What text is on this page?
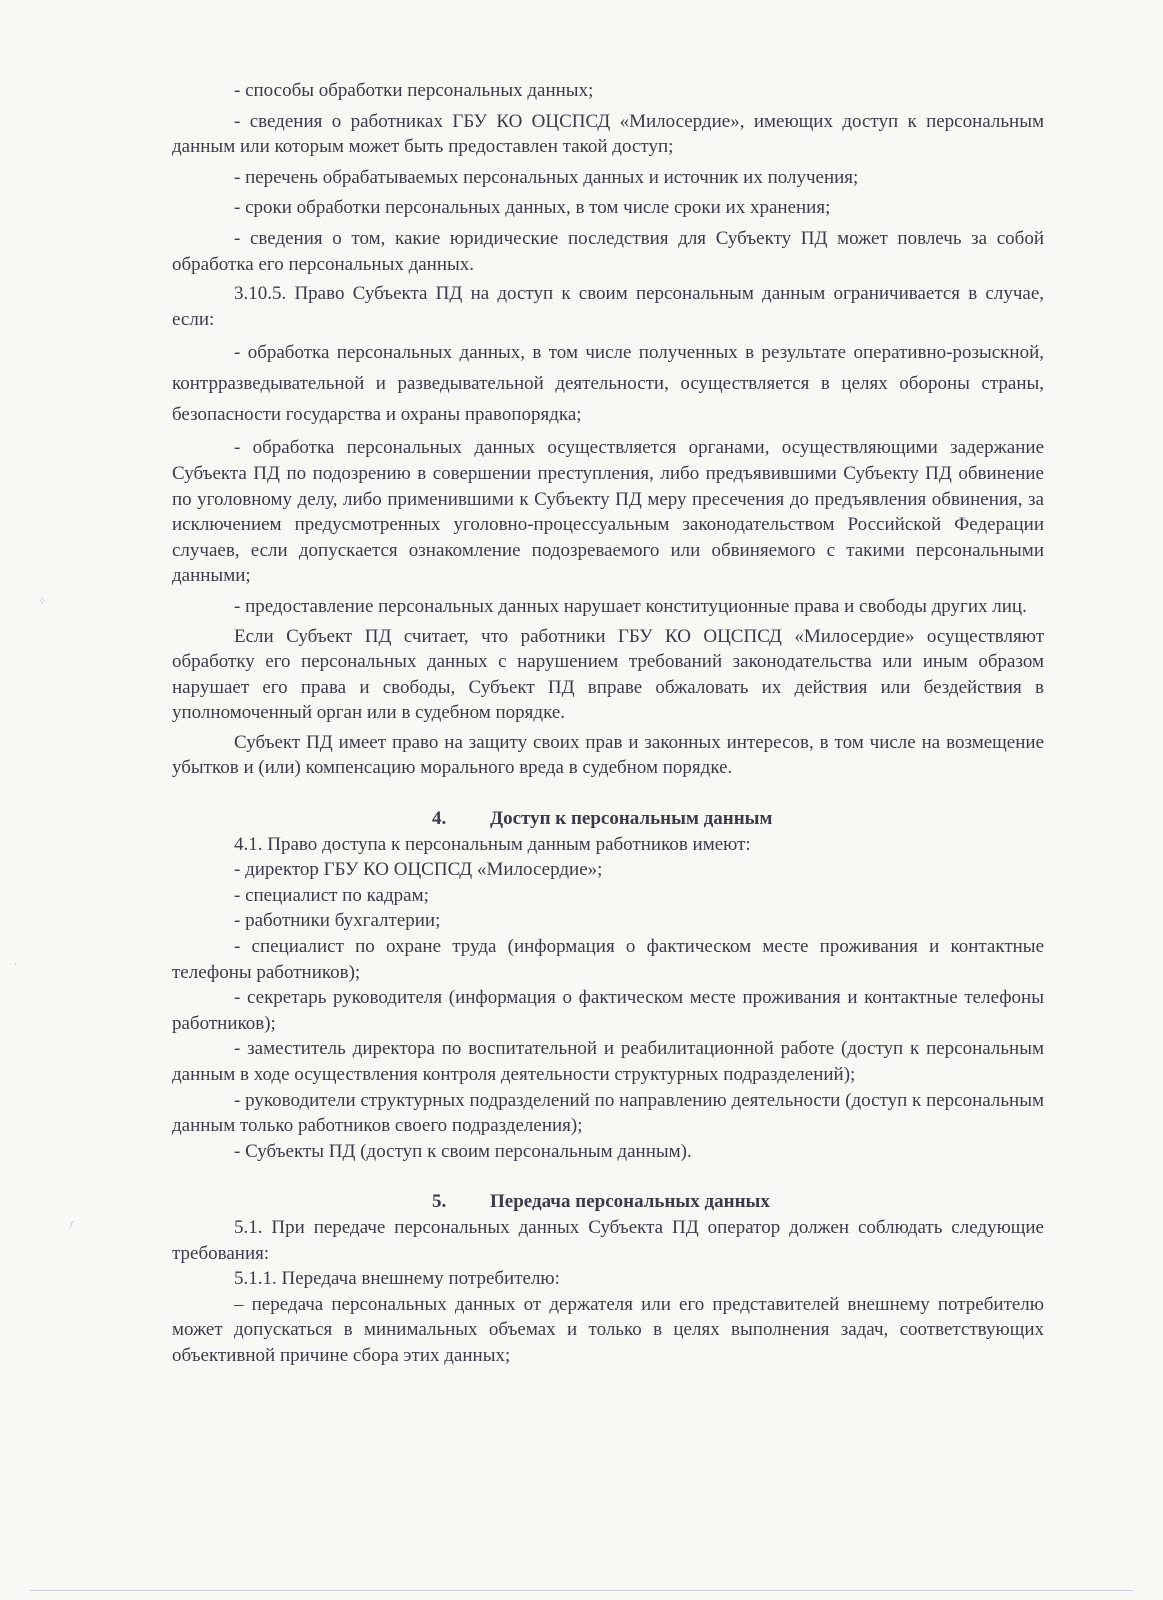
- способы обработки персональных данных;

- сведения о работниках ГБУ КО ОЦСПСД «Милосердие», имеющих доступ к персональным данным или которым может быть предоставлен такой доступ;

- перечень обрабатываемых персональных данных и источник их получения;

- сроки обработки персональных данных, в том числе сроки их хранения;

- сведения о том, какие юридические последствия для Субъекту ПД может повлечь за собой обработка его персональных данных.

3.10.5. Право Субъекта ПД на доступ к своим персональным данным ограничивается в случае, если:

- обработка персональных данных, в том числе полученных в результате оперативно-розыскной, контрразведывательной и разведывательной деятельности, осуществляется в целях обороны страны, безопасности государства и охраны правопорядка;

- обработка персональных данных осуществляется органами, осуществляющими задержание Субъекта ПД по подозрению в совершении преступления, либо предъявившими Субъекту ПД обвинение по уголовному делу, либо применившими к Субъекту ПД меру пресечения до предъявления обвинения, за исключением предусмотренных уголовно-процессуальным законодательством Российской Федерации случаев, если допускается ознакомление подозреваемого или обвиняемого с такими персональными данными;

- предоставление персональных данных нарушает конституционные права и свободы других лиц.

Если Субъект ПД считает, что работники ГБУ КО ОЦСПСД «Милосердие» осуществляют обработку его персональных данных с нарушением требований законодательства или иным образом нарушает его права и свободы, Субъект ПД вправе обжаловать их действия или бездействия в уполномоченный орган или в судебном порядке.

Субъект ПД имеет право на защиту своих прав и законных интересов, в том числе на возмещение убытков и (или) компенсацию морального вреда в судебном порядке.

4. Доступ к персональным данным

4.1. Право доступа к персональным данным работников имеют:

- директор ГБУ КО ОЦСПСД «Милосердие»;

- специалист по кадрам;

- работники бухгалтерии;

- специалист по охране труда (информация о фактическом месте проживания и контактные телефоны работников);

- секретарь руководителя (информация о фактическом месте проживания и контактные телефоны работников);

- заместитель директора по воспитательной и реабилитационной работе (доступ к персональным данным в ходе осуществления контроля деятельности структурных подразделений);

- руководители структурных подразделений по направлению деятельности (доступ к персональным данным только работников своего подразделения);

- Субъекты ПД (доступ к своим персональным данным).

5. Передача персональных данных

5.1. При передаче персональных данных Субъекта ПД оператор должен соблюдать следующие требования:

5.1.1. Передача внешнему потребителю:

– передача персональных данных от держателя или его представителей внешнему потребителю может допускаться в минимальных объемах и только в целях выполнения задач, соответствующих объективной причине сбора этих данных;

⁘
·
/
